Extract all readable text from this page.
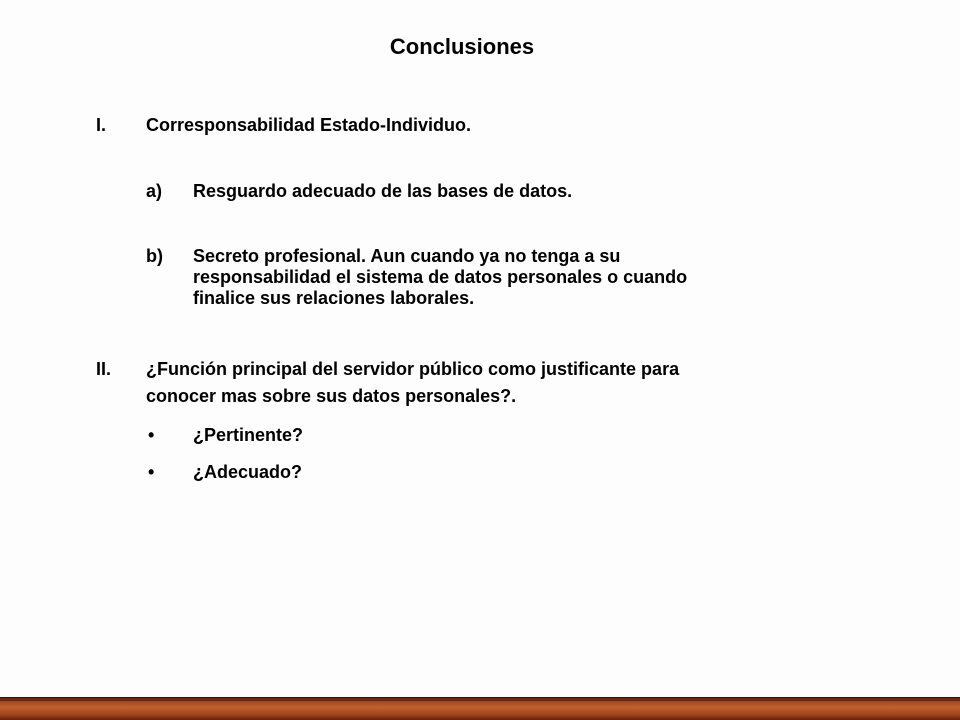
Conclusiones
I. Corresponsabilidad Estado-Individuo.
a) Resguardo adecuado de las bases de datos.
b) Secreto profesional. Aun cuando ya no tenga a su
responsabilidad el sistema de datos personales o cuando
finalice sus relaciones laborales.
II. ¿Función principal del servidor público como justificante para
conocer mas sobre sus datos personales?.
• ¿Pertinente?
• ¿Adecuado?
